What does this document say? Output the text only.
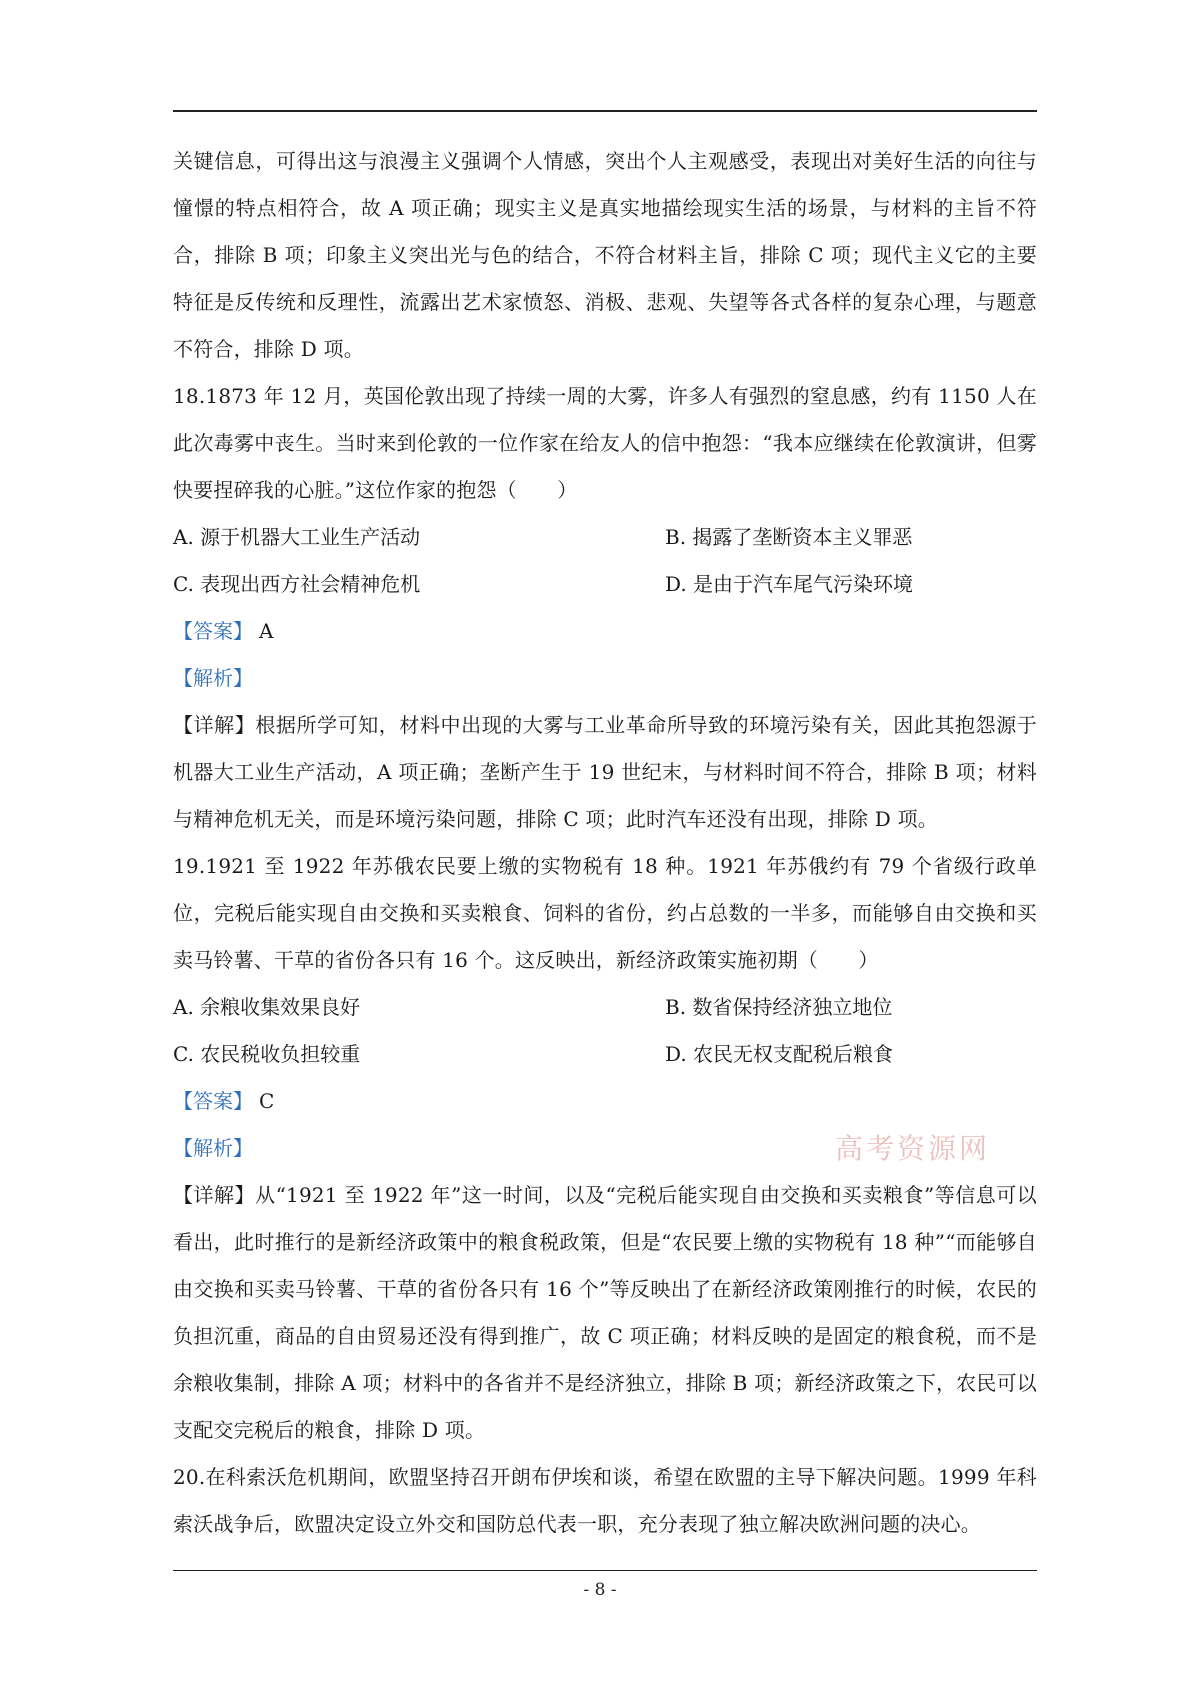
关键信息，可得出这与浪漫主义强调个人情感，突出个人主观感受，表现出对美好生活的向往与憧憬的特点相符合，故 A 项正确；现实主义是真实地描绘现实生活的场景，与材料的主旨不符合，排除 B 项；印象主义突出光与色的结合，不符合材料主旨，排除 C 项；现代主义它的主要特征是反传统和反理性，流露出艺术家愤怒、消极、悲观、失望等各式各样的复杂心理，与题意不符合，排除 D 项。
18.1873 年 12 月，英国伦敦出现了持续一周的大雾，许多人有强烈的窒息感，约有 1150 人在此次毒雾中丧生。当时来到伦敦的一位作家在给友人的信中抱怨：“我本应继续在伦敦演讲，但雾快要捏碎我的心脏。”这位作家的抱怨（　　）
A. 源于机器大工业生产活动	B. 揭露了垄断资本主义罪恶
C. 表现出西方社会精神危机	D. 是由于汽车尾气污染环境
【答案】 A
【解析】
【详解】根据所学可知，材料中出现的大雾与工业革命所导致的环境污染有关，因此其抱怨源于机器大工业生产活动，A 项正确；垄断产生于 19 世纪末，与材料时间不符合，排除 B 项；材料与精神危机无关，而是环境污染问题，排除 C 项；此时汽车还没有出现，排除 D 项。
19.1921 至 1922 年苏俄农民要上缴的实物税有 18 种。1921 年苏俄约有 79 个省级行政单位，完税后能实现自由交换和买卖粮食、饲料的省份，约占总数的一半多，而能够自由交换和买卖马铃薯、干草的省份各只有 16 个。这反映出，新经济政策实施初期（　　）
A. 余粮收集效果良好	B. 数省保持经济独立地位
C. 农民税收负担较重	D. 农民无权支配税后粮食
【答案】 C
【解析】
【详解】从“1921 至 1922 年”这一时间，以及“完税后能实现自由交换和买卖粮食”等信息可以看出，此时推行的是新经济政策中的粮食税政策，但是“农民要上缴的实物税有 18 种”“而能够自由交换和买卖马铃薯、干草的省份各只有 16 个”等反映出了在新经济政策刚推行的时候，农民的负担沉重，商品的自由贸易还没有得到推广，故 C 项正确；材料反映的是固定的粮食税，而不是余粮收集制，排除 A 项；材料中的各省并不是经济独立，排除 B 项；新经济政策之下，农民可以支配交完税后的粮食，排除 D 项。
20.在科索沃危机期间，欧盟坚持召开朗布伊埃和谈，希望在欧盟的主导下解决问题。1999 年科索沃战争后，欧盟决定设立外交和国防总代表一职，充分表现了独立解决欧洲问题的决心。
高考资源网
- 8 -
